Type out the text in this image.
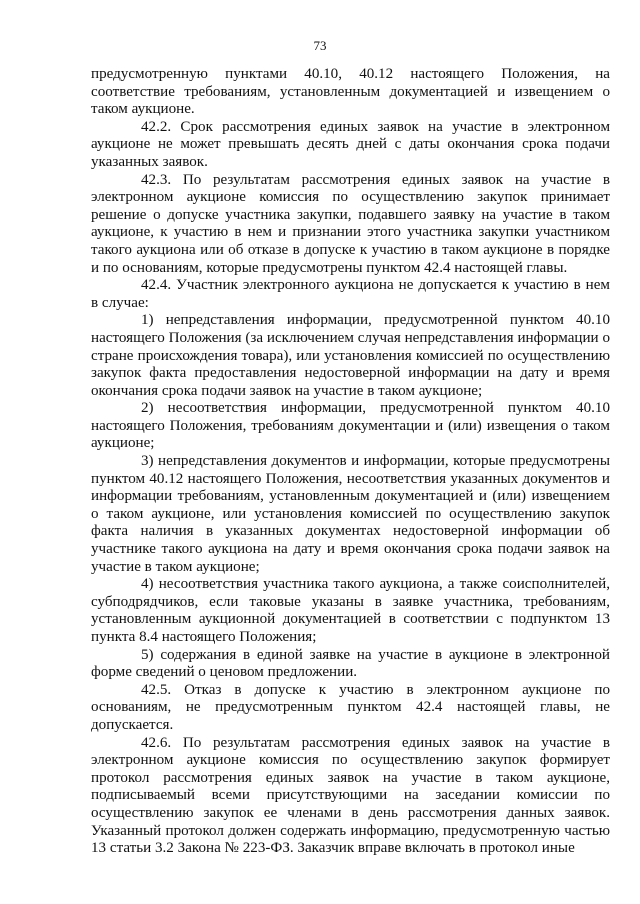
73

предусмотренную пунктами 40.10, 40.12 настоящего Положения, на соответствие требованиям, установленным документацией и извещением о таком аукционе.

42.2. Срок рассмотрения единых заявок на участие в электронном аукционе не может превышать десять дней с даты окончания срока подачи указанных заявок.

42.3. По результатам рассмотрения единых заявок на участие в электронном аукционе комиссия по осуществлению закупок принимает решение о допуске участника закупки, подавшего заявку на участие в таком аукционе, к участию в нем и признании этого участника закупки участником такого аукциона или об отказе в допуске к участию в таком аукционе в порядке и по основаниям, которые предусмотрены пунктом 42.4 настоящей главы.

42.4. Участник электронного аукциона не допускается к участию в нем в случае:

1) непредставления информации, предусмотренной пунктом 40.10 настоящего Положения (за исключением случая непредставления информации о стране происхождения товара), или установления комиссией по осуществлению закупок факта предоставления недостоверной информации на дату и время окончания срока подачи заявок на участие в таком аукционе;

2) несоответствия информации, предусмотренной пунктом 40.10 настоящего Положения, требованиям документации и (или) извещения о таком аукционе;

3) непредставления документов и информации, которые предусмотрены пунктом 40.12 настоящего Положения, несоответствия указанных документов и информации требованиям, установленным документацией и (или) извещением о таком аукционе, или установления комиссией по осуществлению закупок факта наличия в указанных документах недостоверной информации об участнике такого аукциона на дату и время окончания срока подачи заявок на участие в таком аукционе;

4) несоответствия участника такого аукциона, а также соисполнителей, субподрядчиков, если таковые указаны в заявке участника, требованиям, установленным аукционной документацией в соответствии с подпунктом 13 пункта 8.4 настоящего Положения;

5) содержания в единой заявке на участие в аукционе в электронной форме сведений о ценовом предложении.

42.5. Отказ в допуске к участию в электронном аукционе по основаниям, не предусмотренным пунктом 42.4 настоящей главы, не допускается.

42.6. По результатам рассмотрения единых заявок на участие в электронном аукционе комиссия по осуществлению закупок формирует протокол рассмотрения единых заявок на участие в таком аукционе, подписываемый всеми присутствующими на заседании комиссии по осуществлению закупок ее членами в день рассмотрения данных заявок. Указанный протокол должен содержать информацию, предусмотренную частью 13 статьи 3.2 Закона № 223-ФЗ. Заказчик вправе включать в протокол иные
